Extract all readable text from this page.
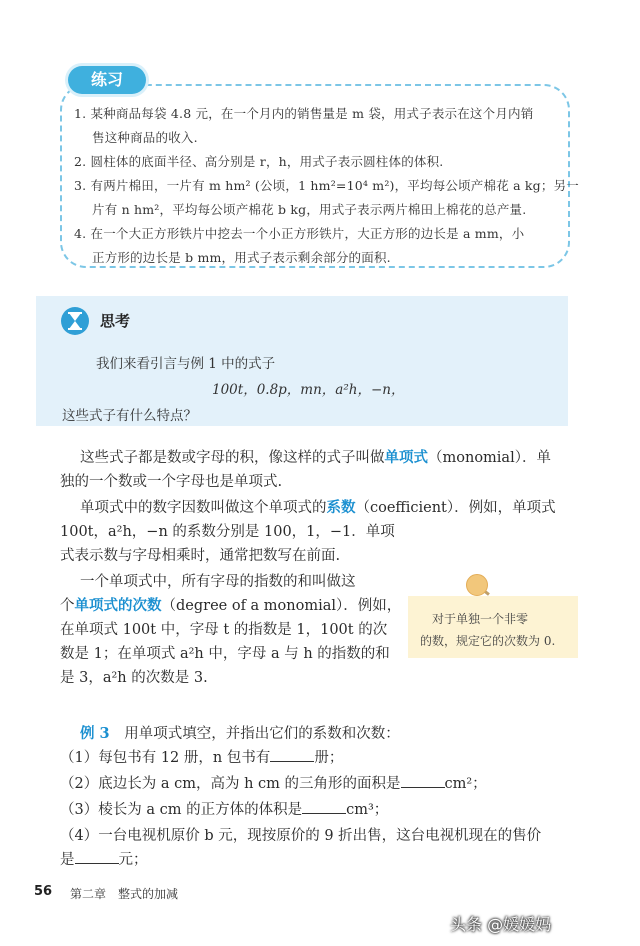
练习
1. 某种商品每袋 4.8 元，在一个月内的销售量是 m 袋，用式子表示在这个月内销
售这种商品的收入.
2. 圆柱体的底面半径、高分别是 r，h，用式子表示圆柱体的体积.
3. 有两片棉田，一片有 m hm² (公顷，1 hm²=10⁴ m²)，平均每公顷产棉花 a kg；另一
片有 n hm²，平均每公顷产棉花 b kg，用式子表示两片棉田上棉花的总产量.
4. 在一个大正方形铁片中挖去一个小正方形铁片，大正方形的边长是 a mm，小
正方形的边长是 b mm，用式子表示剩余部分的面积.
思考
我们来看引言与例 1 中的式子
100t，0.8p，mn，a²h，−n，
这些式子有什么特点？
这些式子都是数或字母的积，像这样的式子叫做单项式（monomial）．单
独的一个数或一个字母也是单项式.
单项式中的数字因数叫做这个单项式的系数（coefficient）．例如，单项式
100t，a²h，−n 的系数分别是 100，1，−1．单项
式表示数与字母相乘时，通常把数写在前面.
一个单项式中，所有字母的指数的和叫做这
个单项式的次数（degree of a monomial）．例如，
在单项式 100t 中，字母 t 的指数是 1，100t 的次
数是 1；在单项式 a²h 中，字母 a 与 h 的指数的和
是 3，a²h 的次数是 3.
对于单独一个非零
的数，规定它的次数为 0.
例 3 用单项式填空，并指出它们的系数和次数：
（1）每包书有 12 册，n 包书有	册；
（2）底边长为 a cm，高为 h cm 的三角形的面积是	cm²；
（3）棱长为 a cm 的正方体的体积是	cm³；
（4）一台电视机原价 b 元，现按原价的 9 折出售，这台电视机现在的售价
是	元；
56 第二章　整式的加减
头条 @媛媛妈
